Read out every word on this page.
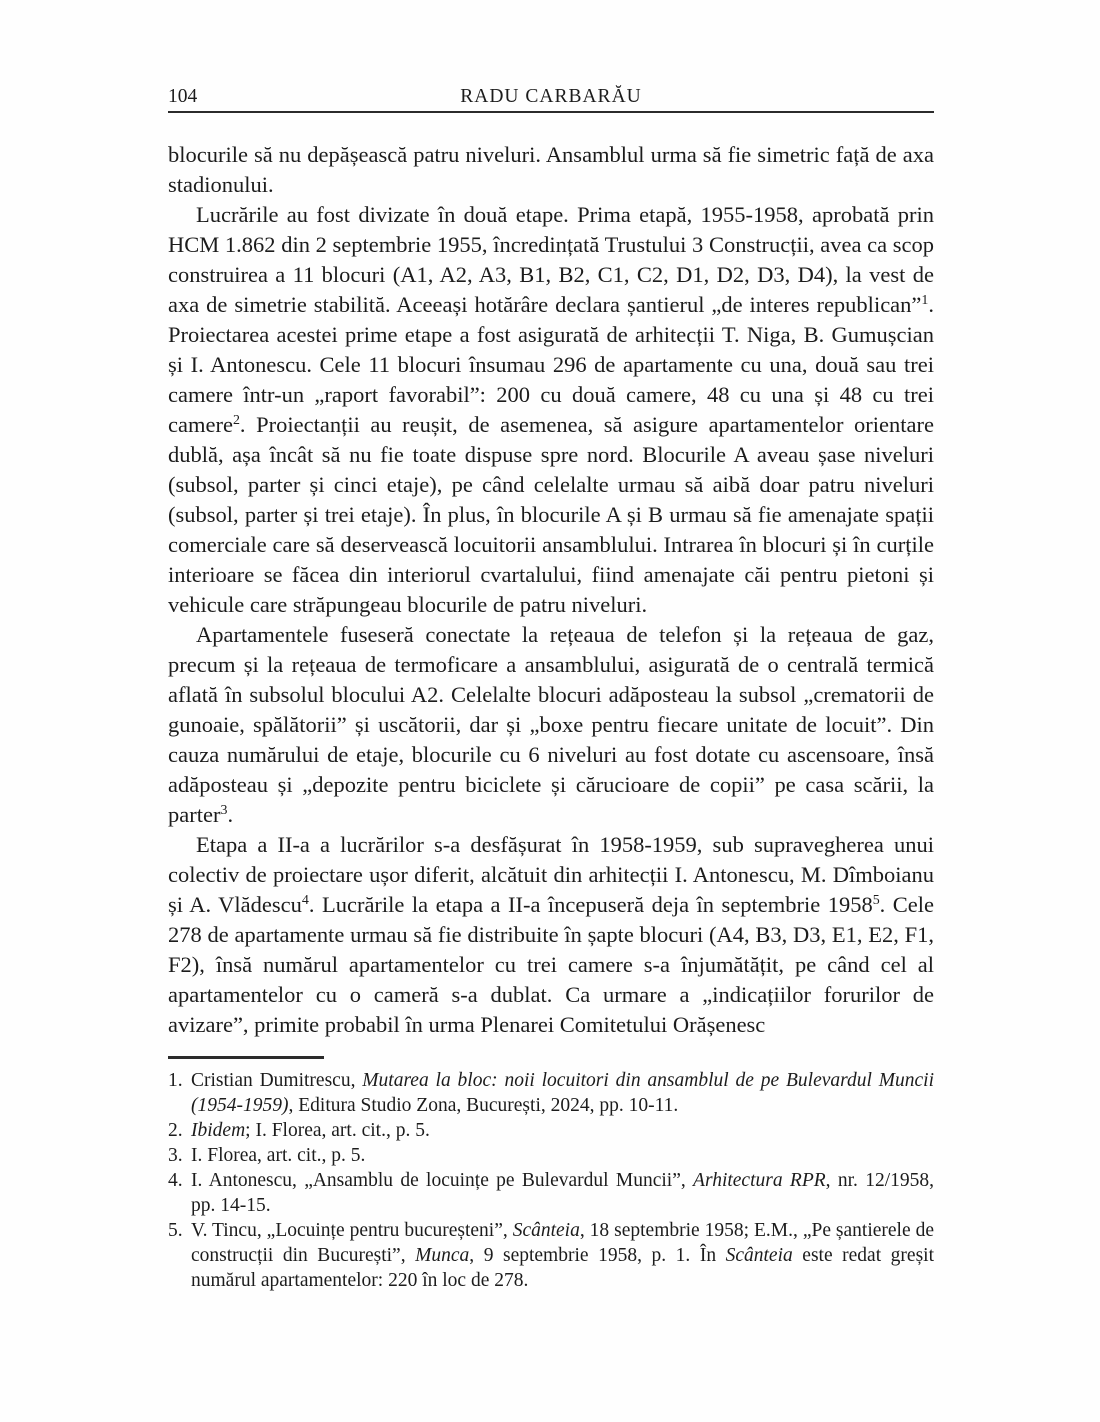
104	RADU CARBARĂU

blocurile să nu depășească patru niveluri. Ansamblul urma să fie simetric față de axa stadionului.

Lucrările au fost divizate în două etape. Prima etapă, 1955-1958, aprobată prin HCM 1.862 din 2 septembrie 1955, încredințată Trustului 3 Construcții, avea ca scop construirea a 11 blocuri (A1, A2, A3, B1, B2, C1, C2, D1, D2, D3, D4), la vest de axa de simetrie stabilită. Aceeași hotărâre declara șantierul „de interes republican”$^1$. Proiectarea acestei prime etape a fost asigurată de arhitecții T. Niga, B. Gumușcian și I. Antonescu. Cele 11 blocuri însumau 296 de apartamente cu una, două sau trei camere într-un „raport favorabil”: 200 cu două camere, 48 cu una și 48 cu trei camere$^2$. Proiectanții au reușit, de asemenea, să asigure apartamentelor orientare dublă, așa încât să nu fie toate dispuse spre nord. Blocurile A aveau șase niveluri (subsol, parter și cinci etaje), pe când celelalte urmau să aibă doar patru niveluri (subsol, parter și trei etaje). În plus, în blocurile A și B urmau să fie amenajate spații comerciale care să deservească locuitorii ansamblului. Intrarea în blocuri și în curțile interioare se făcea din interiorul cvartalului, fiind amenajate căi pentru pietoni și vehicule care străpungeau blocurile de patru niveluri.

Apartamentele fuseseră conectate la rețeaua de telefon și la rețeaua de gaz, precum și la rețeaua de termoficare a ansamblului, asigurată de o centrală termică aflată în subsolul blocului A2. Celelalte blocuri adăposteau la subsol „crematorii de gunoaie, spălătorii” și uscătorii, dar și „boxe pentru fiecare unitate de locuit”. Din cauza numărului de etaje, blocurile cu 6 niveluri au fost dotate cu ascensoare, însă adăposteau și „depozite pentru biciclete și cărucioare de copii” pe casa scării, la parter$^3$.

Etapa a II-a a lucrărilor s-a desfășurat în 1958-1959, sub supravegherea unui colectiv de proiectare ușor diferit, alcătuit din arhitecții I. Antonescu, M. Dîmboianu și A. Vlădescu$^4$. Lucrările la etapa a II-a începuseră deja în septembrie 1958$^5$. Cele 278 de apartamente urmau să fie distribuite în șapte blocuri (A4, B3, D3, E1, E2, F1, F2), însă numărul apartamentelor cu trei camere s-a înjumătățit, pe când cel al apartamentelor cu o cameră s-a dublat. Ca urmare a „indicațiilor forurilor de avizare”, primite probabil în urma Plenarei Comitetului Orășenesc

1. Cristian Dumitrescu, Mutarea la bloc: noii locuitori din ansamblul de pe Bulevardul Muncii (1954-1959), Editura Studio Zona, București, 2024, pp. 10-11.
2. Ibidem; I. Florea, art. cit., p. 5.
3. I. Florea, art. cit., p. 5.
4. I. Antonescu, „Ansamblu de locuințe pe Bulevardul Muncii”, Arhitectura RPR, nr. 12/1958, pp. 14-15.
5. V. Tincu, „Locuințe pentru bucureșteni”, Scânteia, 18 septembrie 1958; E.M., „Pe șantierele de construcții din București”, Munca, 9 septembrie 1958, p. 1. În Scânteia este redat greșit numărul apartamentelor: 220 în loc de 278.
